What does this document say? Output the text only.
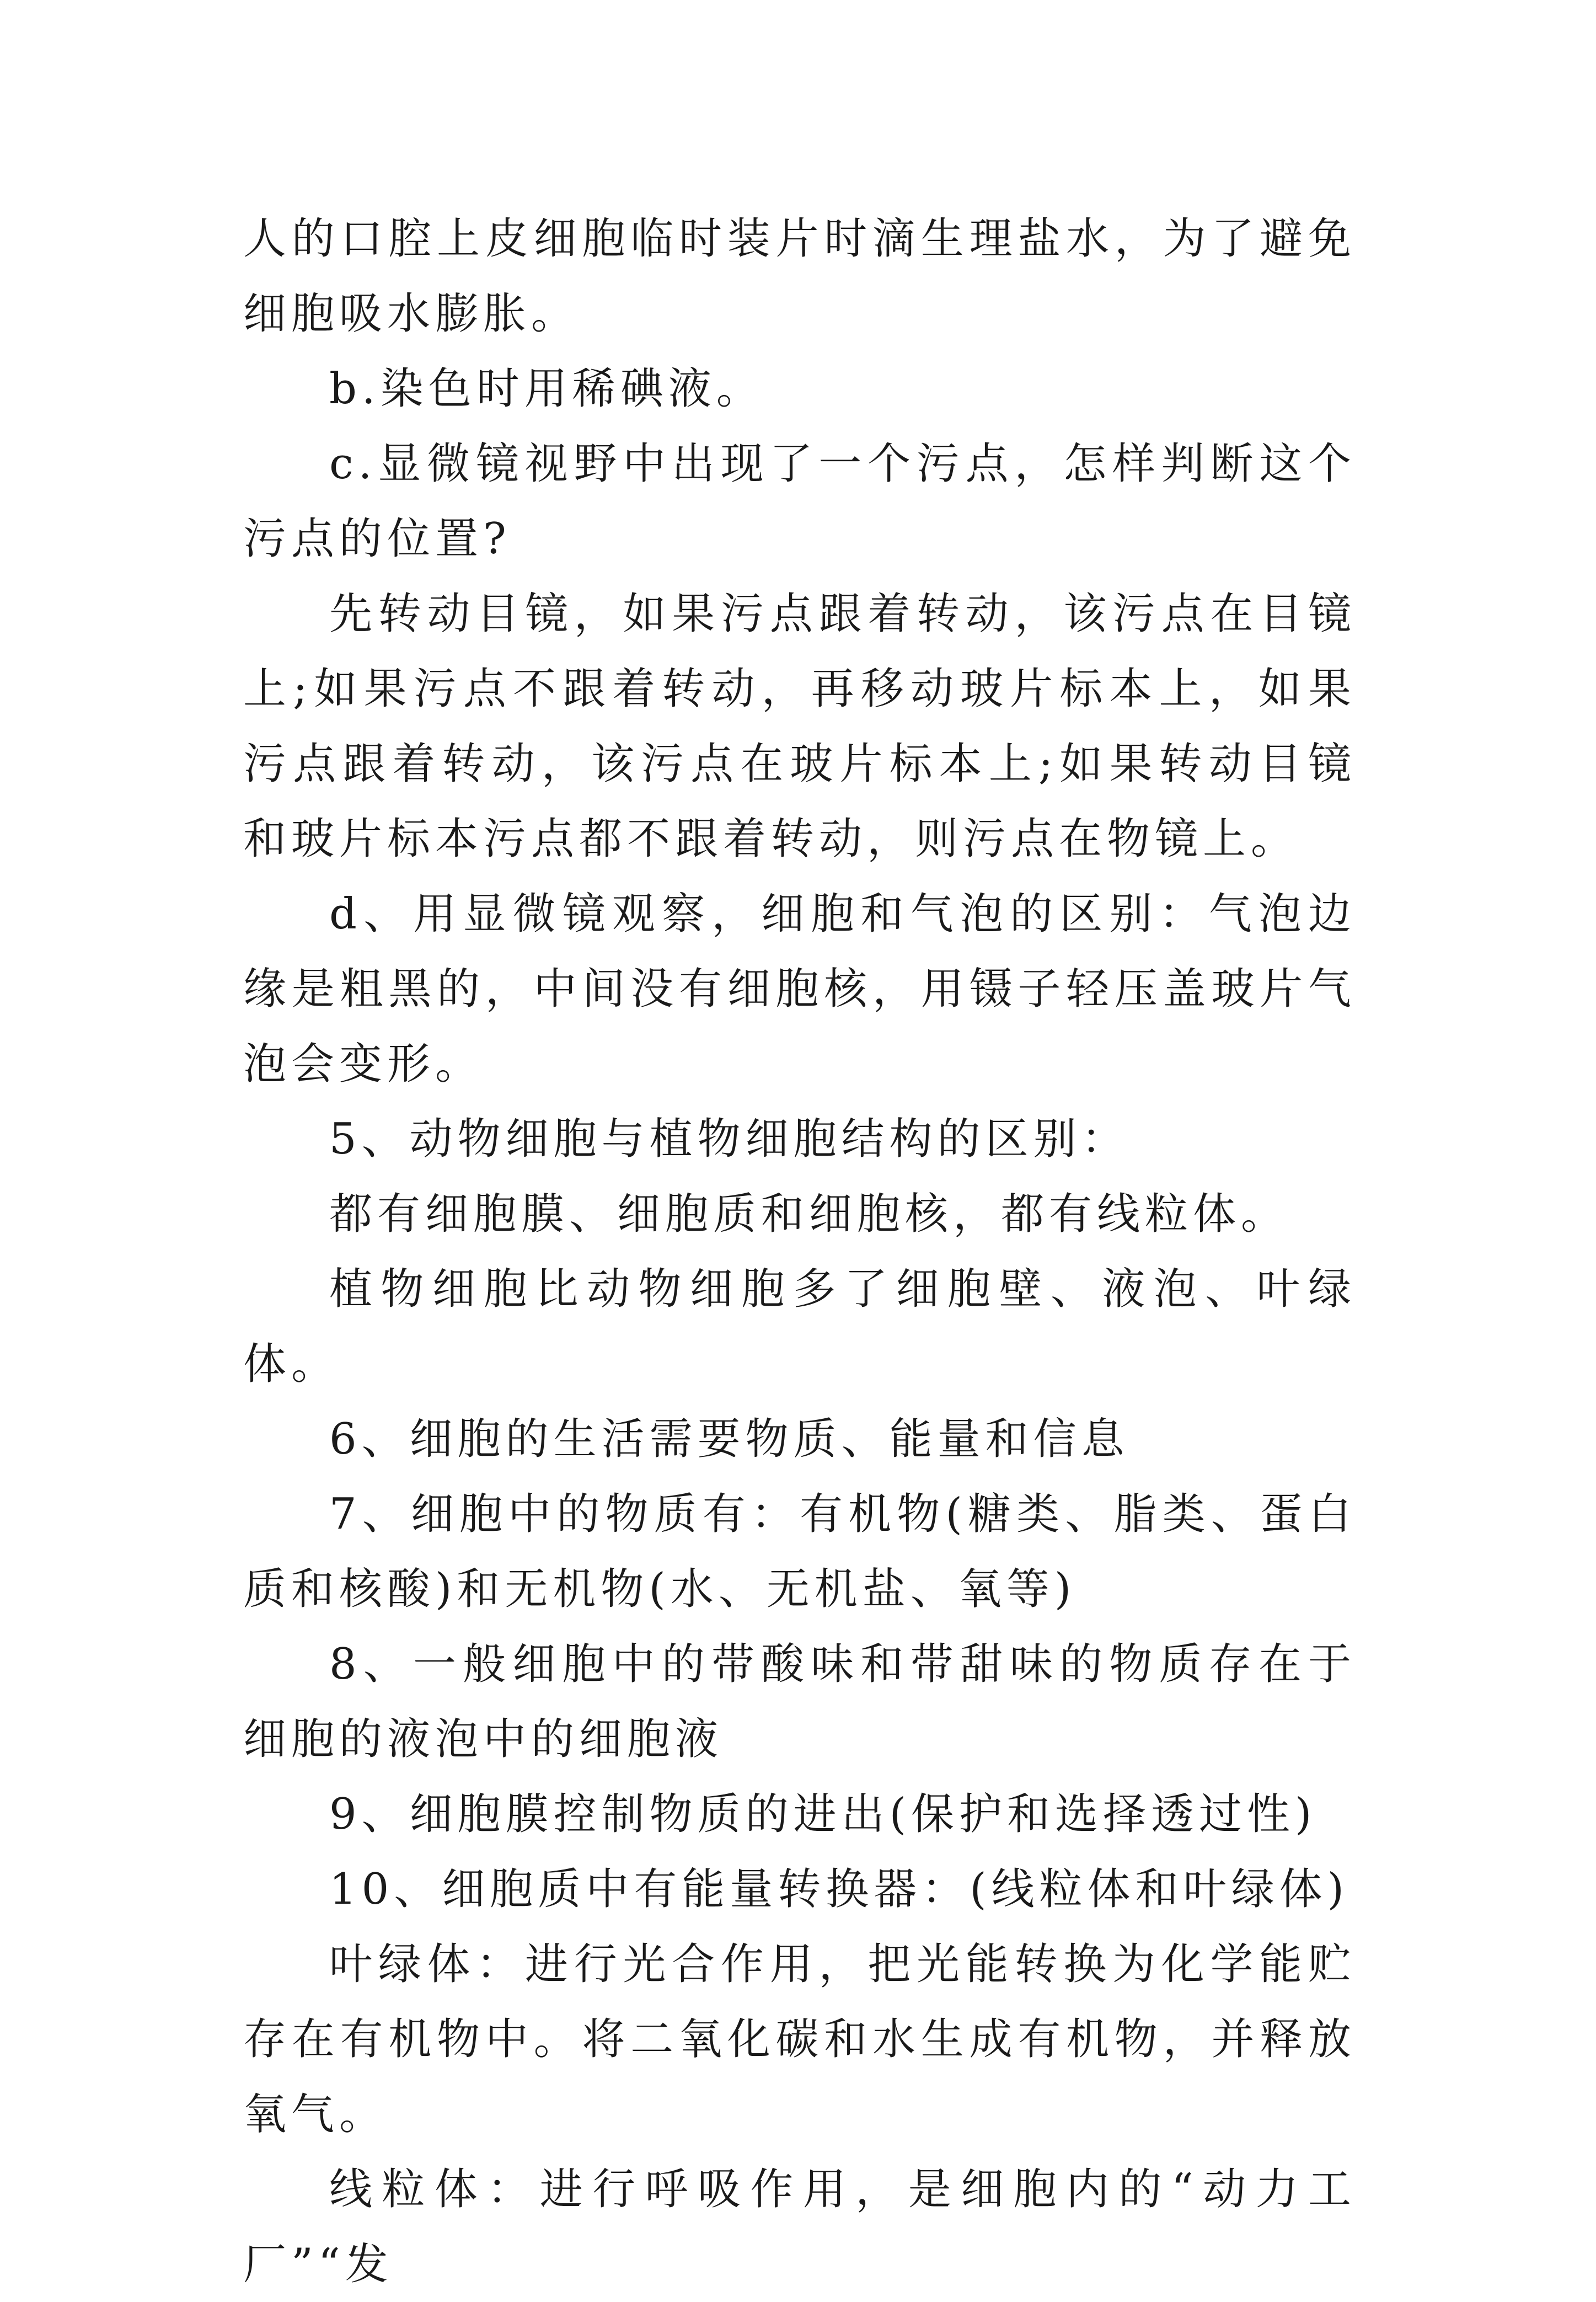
人的口腔上皮细胞临时装片时滴生理盐水，为了避免细胞吸水膨胀。

b.染色时用稀碘液。

c.显微镜视野中出现了一个污点，怎样判断这个污点的位置?

先转动目镜，如果污点跟着转动，该污点在目镜上;如果污点不跟着转动，再移动玻片标本上，如果污点跟着转动，该污点在玻片标本上;如果转动目镜和玻片标本污点都不跟着转动，则污点在物镜上。

d、用显微镜观察，细胞和气泡的区别：气泡边缘是粗黑的，中间没有细胞核，用镊子轻压盖玻片气泡会变形。

5、动物细胞与植物细胞结构的区别：

都有细胞膜、细胞质和细胞核，都有线粒体。

植物细胞比动物细胞多了细胞壁、液泡、叶绿体。

6、细胞的生活需要物质、能量和信息

7、细胞中的物质有：有机物(糖类、脂类、蛋白质和核酸)和无机物(水、无机盐、氧等)

8、一般细胞中的带酸味和带甜味的物质存在于细胞的液泡中的细胞液

9、细胞膜控制物质的进出(保护和选择透过性)

10、细胞质中有能量转换器：(线粒体和叶绿体)

叶绿体：进行光合作用，把光能转换为化学能贮存在有机物中。将二氧化碳和水生成有机物，并释放氧气。

线粒体：进行呼吸作用，是细胞内的“动力工厂”“发
